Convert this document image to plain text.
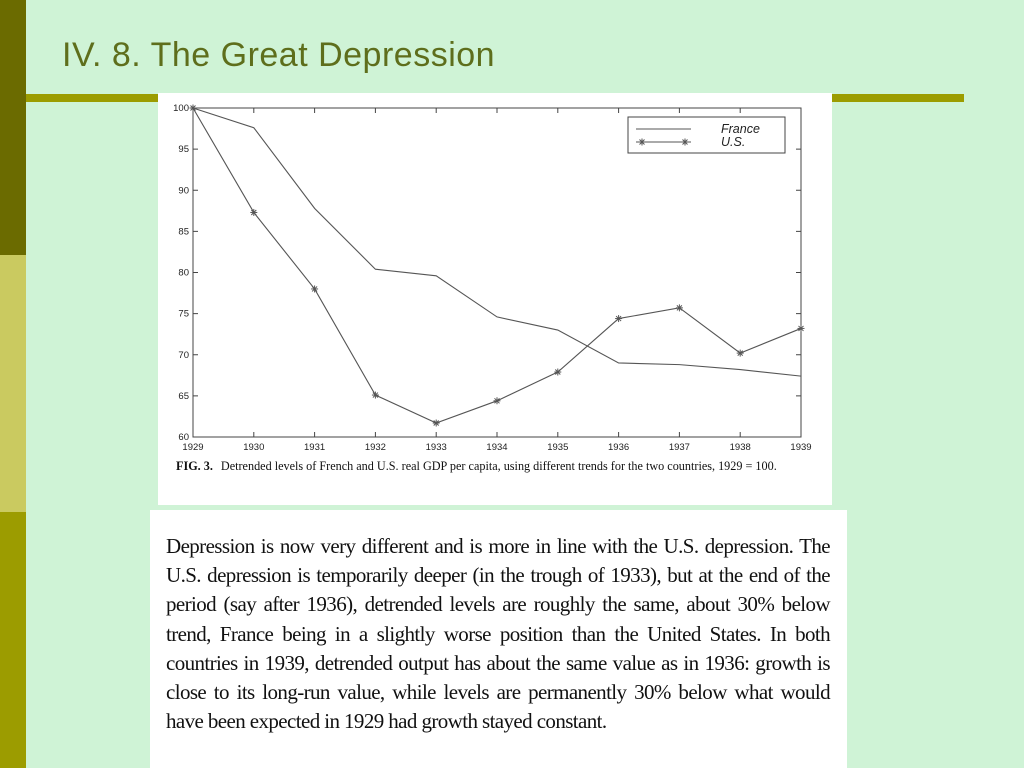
IV. 8. The Great Depression
60
65
70
75
80
85
90
95
100
1929	1930	1931	1932	1933	1934	1935	1936	1937	1938	1939
France
U.S.
FIG. 3. Detrended levels of French and U.S. real GDP per capita, using different trends for the two countries, 1929 = 100.

Depression is now very different and is more in line with the U.S. depression. The U.S. depression is temporarily deeper (in the trough of 1933), but at the end of the period (say after 1936), detrended levels are roughly the same, about 30% below trend, France being in a slightly worse position than the United States. In both countries in 1939, detrended output has about the same value as in 1936: growth is close to its long-run value, while levels are permanently 30% below what would have been expected in 1929 had growth stayed constant.
